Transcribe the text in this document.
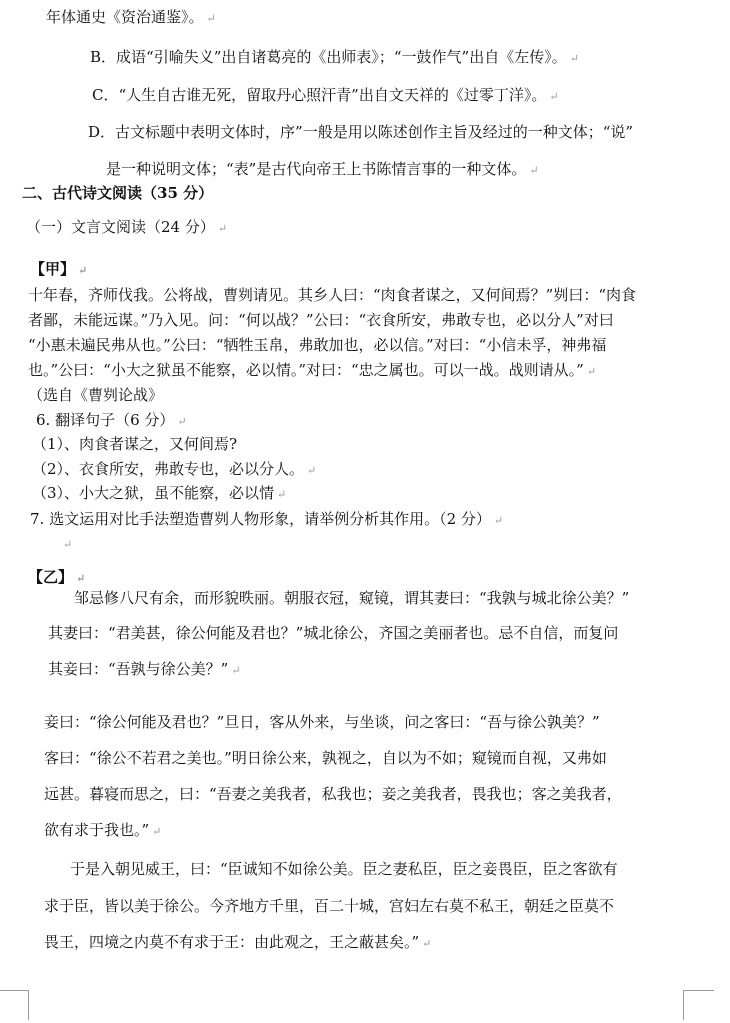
年体通史《资治通鉴》。 ↵
B．成语“引喻失义”出自诸葛亮的《出师表》；“一鼓作气”出自《左传》。 ↵
C．“人生自古谁无死，留取丹心照汗青”出自文天祥的《过零丁洋》。 ↵
D．古文标题中表明文体时，序”一般是用以陈述创作主旨及经过的一种文体；“说”
是一种说明文体；“表”是古代向帝王上书陈情言事的一种文体。 ↵
二、古代诗文阅读（35 分）
（一）文言文阅读（24 分） ↵
【甲】 ↵
十年春，齐师伐我。公将战，曹刿请见。其乡人曰：“肉食者谋之，又何间焉？”刿曰：“肉食
者鄙，未能远谋。”乃入见。问：“何以战？”公曰：“衣食所安，弗敢专也，必以分人”对曰
“小惠未遍民弗从也。”公曰：“牺牲玉帛，弗敢加也，必以信。”对曰：“小信未孚，神弗福
也。”公曰：“小大之狱虽不能察，必以情。”对曰：“忠之属也。可以一战。战则请从。” ↵
（选自《曹刿论战》
6. 翻译句子（6 分） ↵
（1）、肉食者谋之，又何间焉?
（2）、衣食所安，弗敢专也，必以分人。 ↵
（3）、小大之狱，虽不能察，必以情 ↵
7. 选文运用对比手法塑造曹刿人物形象，请举例分析其作用。（2 分） ↵
↵
【乙】 ↵
邹忌修八尺有余，而形貌昳丽。朝服衣冠，窥镜，谓其妻曰：“我孰与城北徐公美？”
其妻曰：“君美甚，徐公何能及君也？”城北徐公，齐国之美丽者也。忌不自信，而复问
其妾曰：“吾孰与徐公美？” ↵
妾曰：“徐公何能及君也？”旦日，客从外来，与坐谈，问之客曰：“吾与徐公孰美？”
客曰：“徐公不若君之美也。”明日徐公来，孰视之，自以为不如；窥镜而自视，又弗如
远甚。暮寝而思之，曰：“吾妻之美我者，私我也；妾之美我者，畏我也；客之美我者，
欲有求于我也。” ↵
于是入朝见威王，曰：“臣诚知不如徐公美。臣之妻私臣，臣之妾畏臣，臣之客欲有
求于臣，皆以美于徐公。今齐地方千里，百二十城，宫妇左右莫不私王，朝廷之臣莫不
畏王，四境之内莫不有求于王：由此观之，王之蔽甚矣。” ↵
